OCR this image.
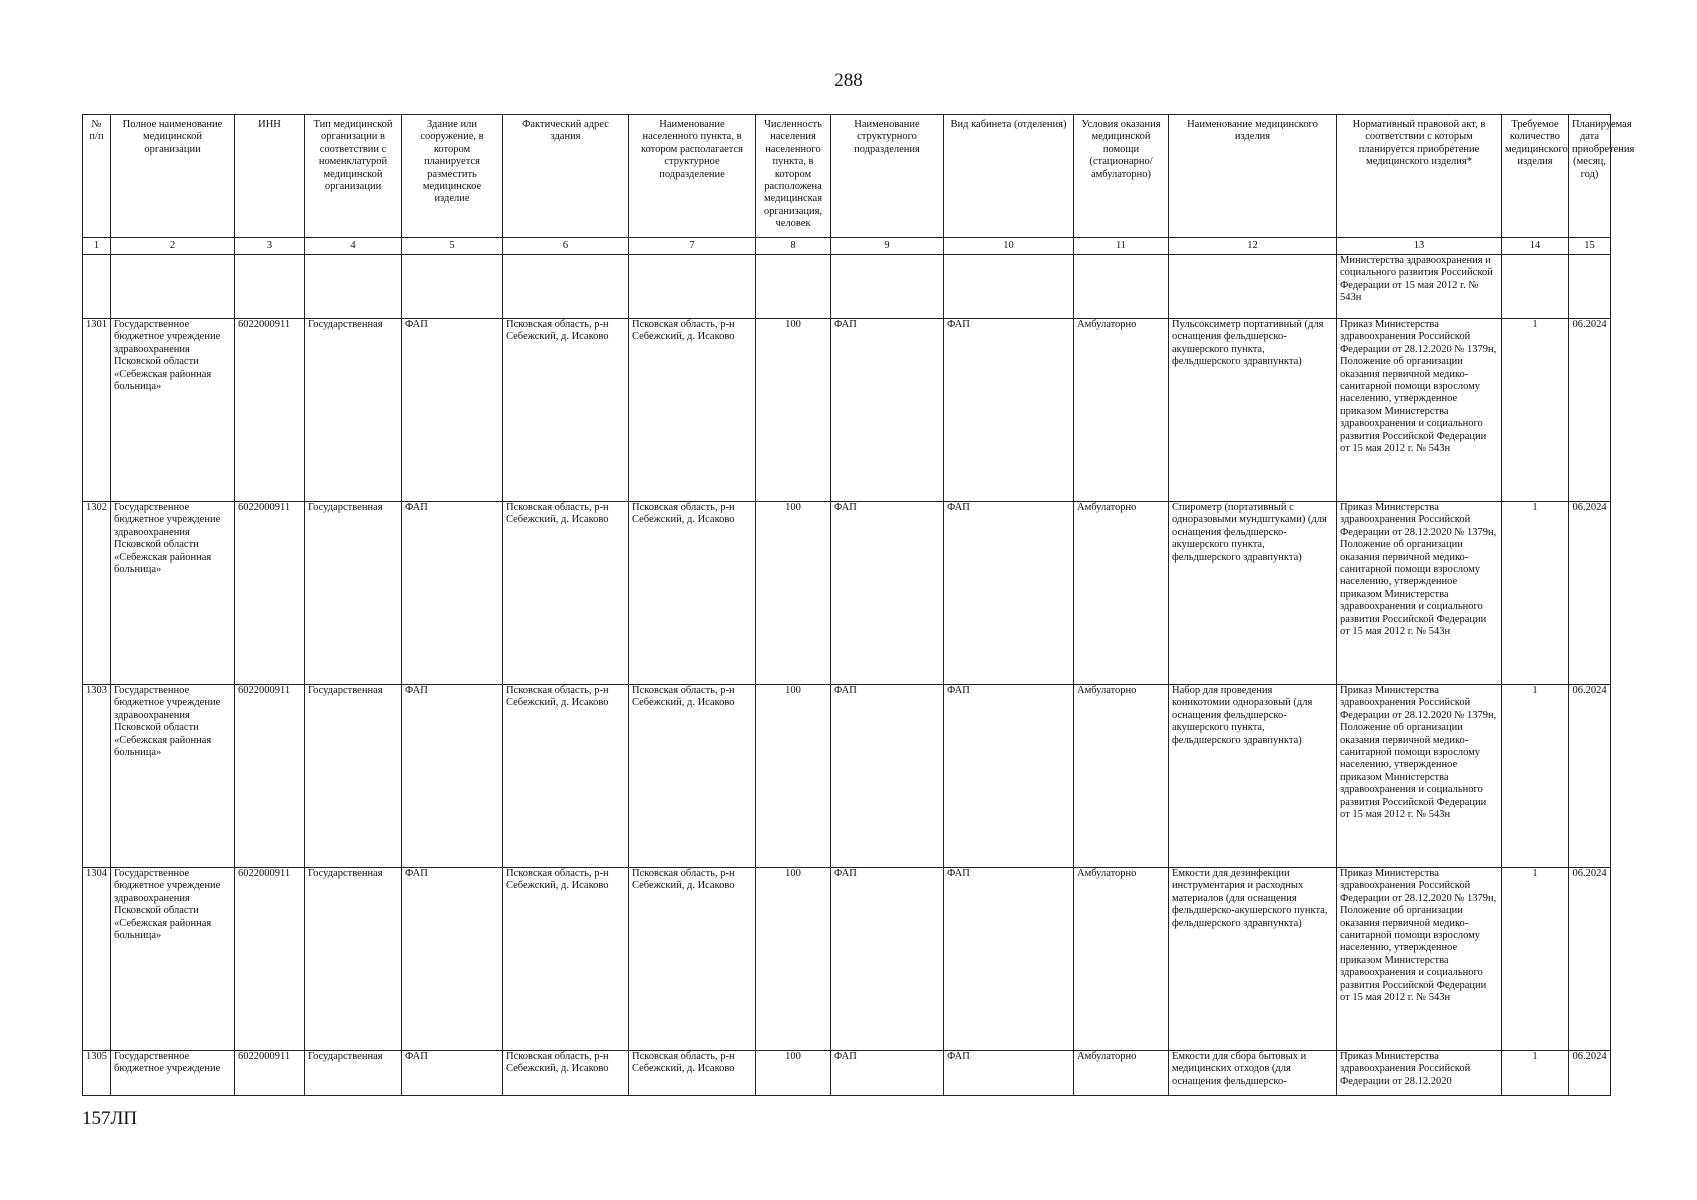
288
№ п/п	Полное наименование медицинской организации	ИНН	Тип медицинской организации в соответствии с номенклатурой медицинской организации	Здание или сооружение, в котором планируется разместить медицинское изделие	Фактический адрес здания	Наименование населенного пункта, в котором располагается структурное подразделение	Численность населения населенного пункта, в котором расположена медицинская организация, человек	Наименование структурного подразделения	Вид кабинета (отделения)	Условия оказания медицинской помощи (стационарно/ амбулаторно)	Наименование медицинского изделия	Нормативный правовой акт, в соответствии с которым планируется приобретение медицинского изделия*	Требуемое количество медицинского изделия	Планируемая дата приобретения (месяц, год)
1	2	3	4	5	6	7	8	9	10	11	12	13	14	15
												Министерства здравоохранения и социального развития Российской Федерации от 15 мая 2012 г. № 543н		
1301	Государственное бюджетное учреждение здравоохранения Псковской области «Себежская районная больница»	6022000911	Государственная	ФАП	Псковская область, р-н Себежский, д. Исаково	Псковская область, р-н Себежский, д. Исаково	100	ФАП	ФАП	Амбулаторно	Пульсоксиметр портативный (для оснащения фельдшерско-акушерского пункта, фельдшерского здравпункта)	Приказ Министерства здравоохранения Российской Федерации от 28.12.2020 № 1379н, Положение об организации оказания первичной медико-санитарной помощи взрослому населению, утвержденное приказом Министерства здравоохранения и социального развития Российской Федерации от 15 мая 2012 г. № 543н	1	06.2024
1302	Государственное бюджетное учреждение здравоохранения Псковской области «Себежская районная больница»	6022000911	Государственная	ФАП	Псковская область, р-н Себежский, д. Исаково	Псковская область, р-н Себежский, д. Исаково	100	ФАП	ФАП	Амбулаторно	Спирометр (портативный с одноразовыми мундштуками) (для оснащения фельдшерско-акушерского пункта, фельдшерского здравпункта)	Приказ Министерства здравоохранения Российской Федерации от 28.12.2020 № 1379н, Положение об организации оказания первичной медико-санитарной помощи взрослому населению, утвержденное приказом Министерства здравоохранения и социального развития Российской Федерации от 15 мая 2012 г. № 543н	1	06.2024
1303	Государственное бюджетное учреждение здравоохранения Псковской области «Себежская районная больница»	6022000911	Государственная	ФАП	Псковская область, р-н Себежский, д. Исаково	Псковская область, р-н Себежский, д. Исаково	100	ФАП	ФАП	Амбулаторно	Набор для проведения коникотомии одноразовый (для оснащения фельдшерско-акушерского пункта, фельдшерского здравпункта)	Приказ Министерства здравоохранения Российской Федерации от 28.12.2020 № 1379н, Положение об организации оказания первичной медико-санитарной помощи взрослому населению, утвержденное приказом Министерства здравоохранения и социального развития Российской Федерации от 15 мая 2012 г. № 543н	1	06.2024
1304	Государственное бюджетное учреждение здравоохранения Псковской области «Себежская районная больница»	6022000911	Государственная	ФАП	Псковская область, р-н Себежский, д. Исаково	Псковская область, р-н Себежский, д. Исаково	100	ФАП	ФАП	Амбулаторно	Емкости для дезинфекции инструментария и расходных материалов (для оснащения фельдшерско-акушерского пункта, фельдшерского здравпункта)	Приказ Министерства здравоохранения Российской Федерации от 28.12.2020 № 1379н, Положение об организации оказания первичной медико-санитарной помощи взрослому населению, утвержденное приказом Министерства здравоохранения и социального развития Российской Федерации от 15 мая 2012 г. № 543н	1	06.2024
1305	Государственное бюджетное учреждение	6022000911	Государственная	ФАП	Псковская область, р-н Себежский, д. Исаково	Псковская область, р-н Себежский, д. Исаково	100	ФАП	ФАП	Амбулаторно	Емкости для сбора бытовых и медицинских отходов (для оснащения фельдшерско-	Приказ Министерства здравоохранения Российской Федерации от 28.12.2020	1	06.2024
157ЛП
